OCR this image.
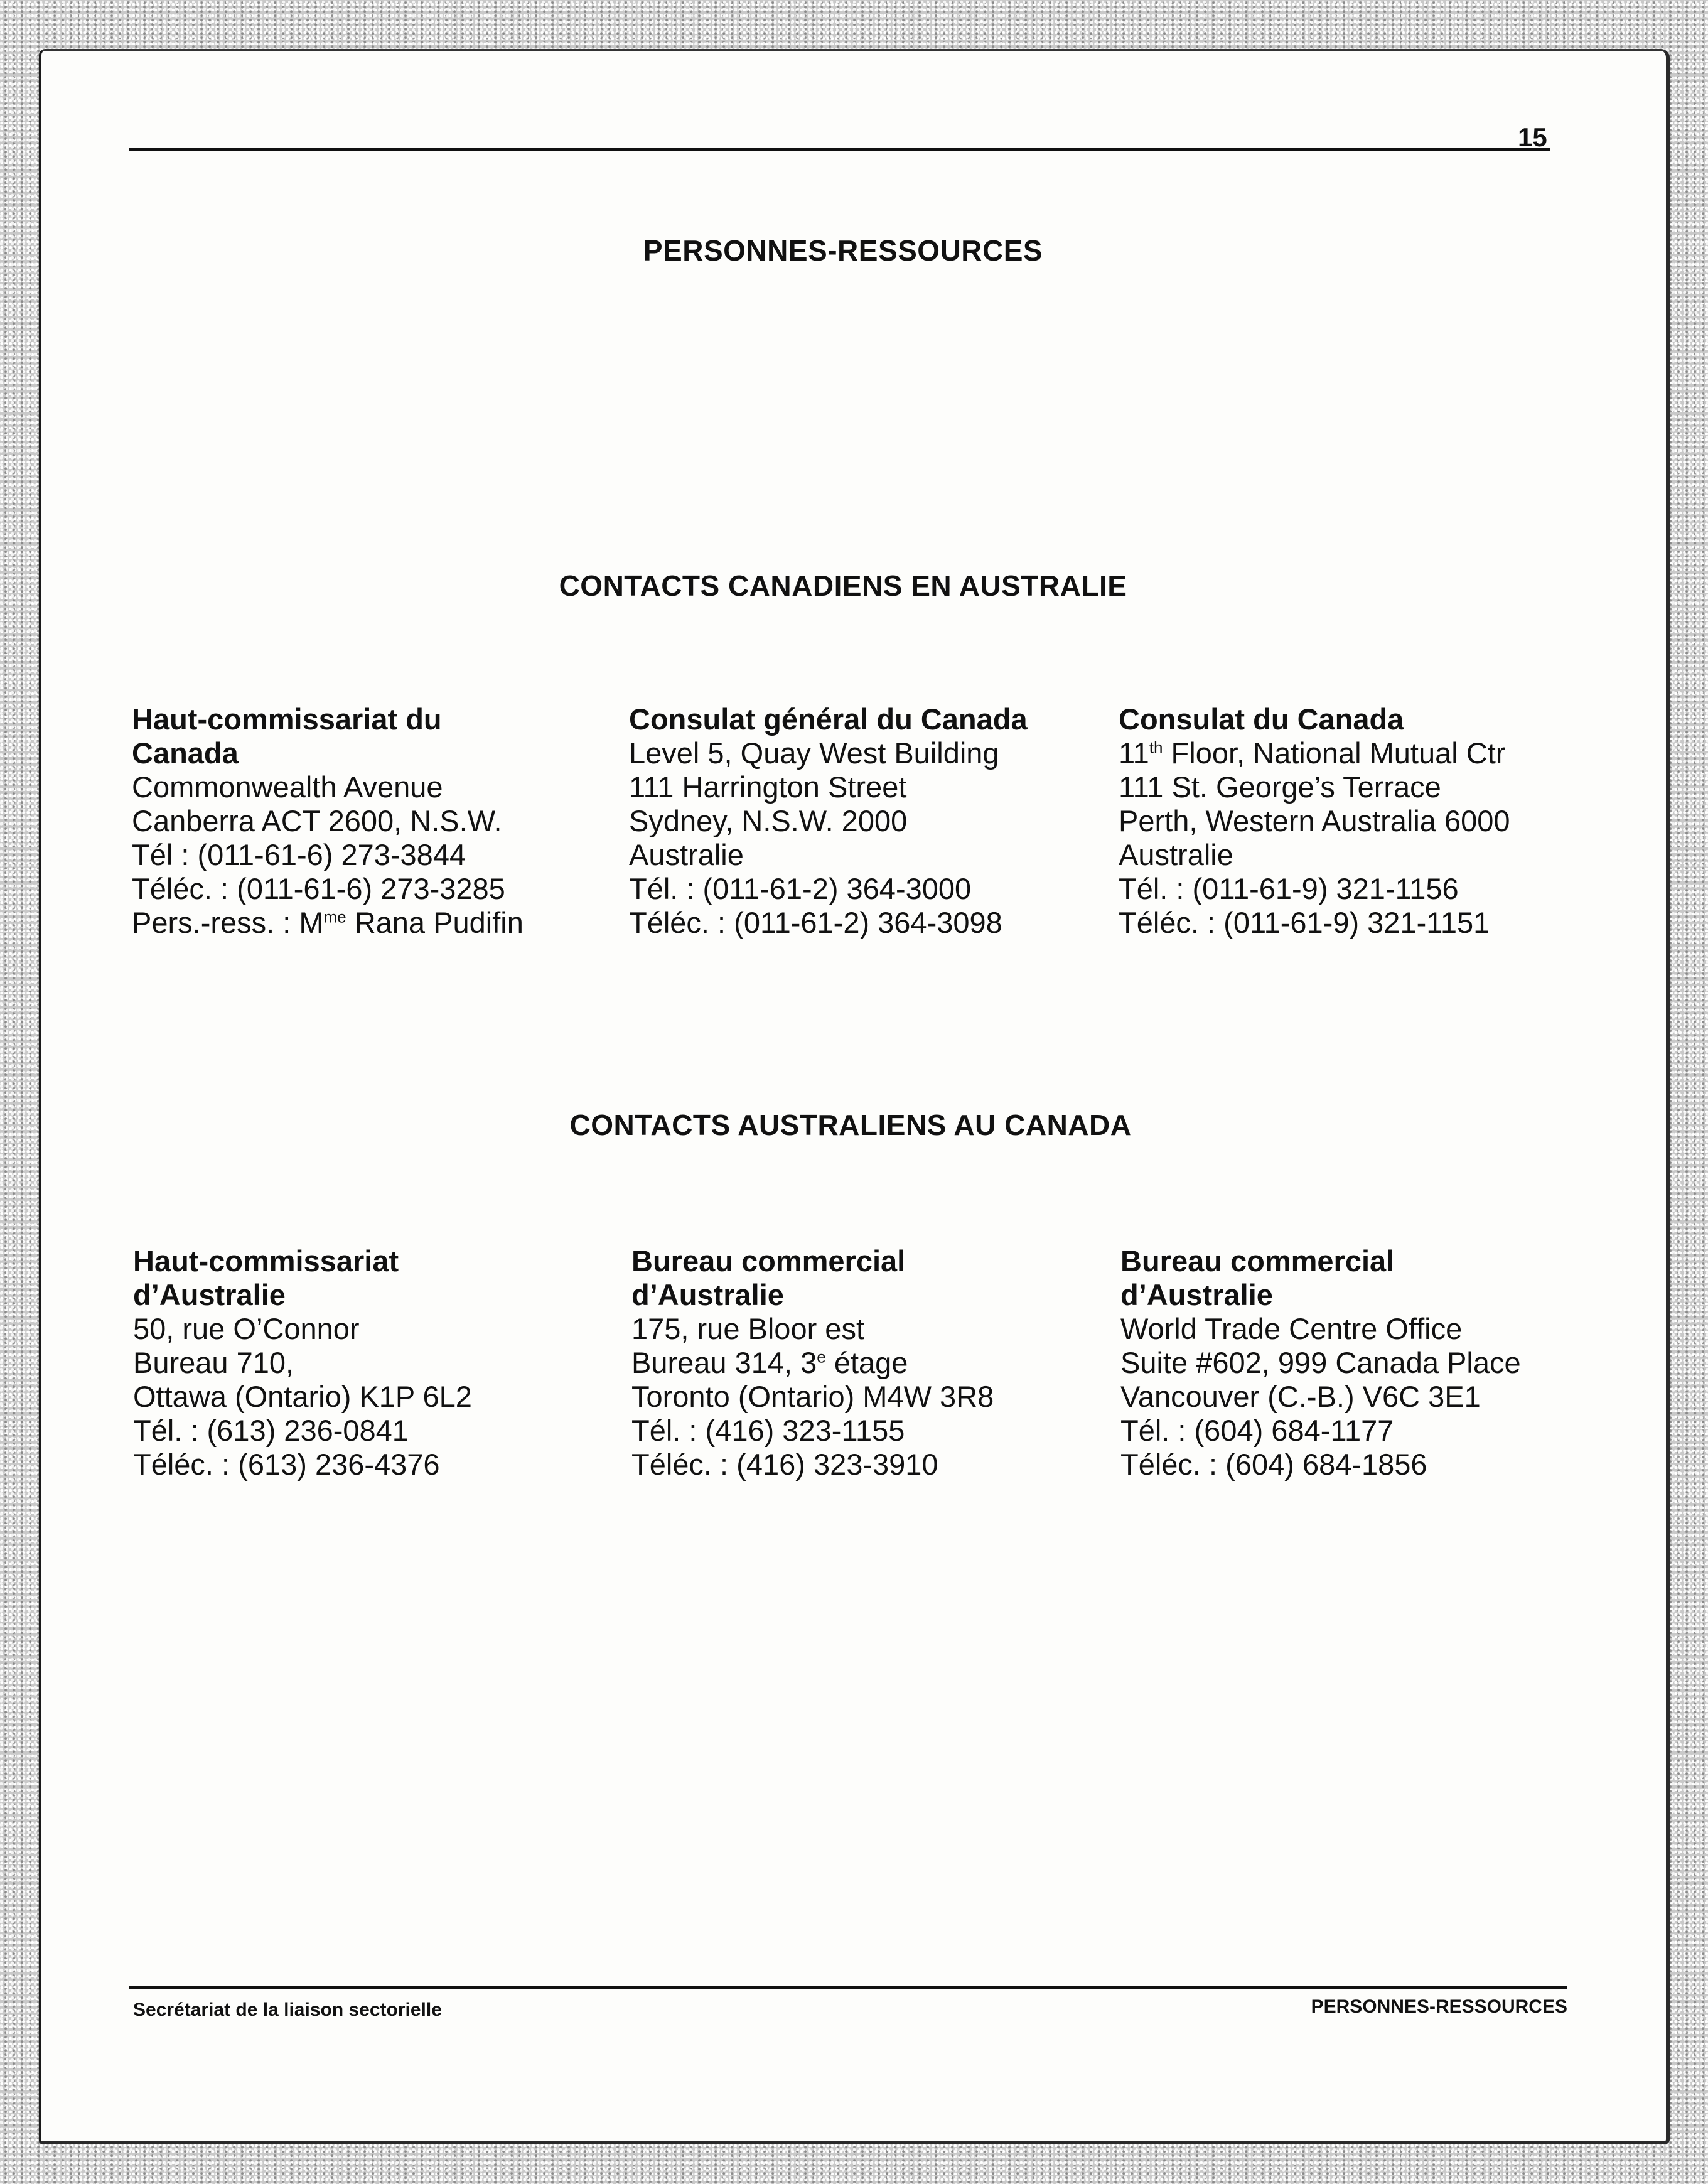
15
PERSONNES-RESSOURCES
CONTACTS CANADIENS EN AUSTRALIE
Haut-commissariat du
Canada
Commonwealth Avenue
Canberra ACT 2600, N.S.W.
Tél : (011-61-6) 273-3844
Téléc. : (011-61-6) 273-3285
Pers.-ress. : $M^{me}$ Rana Pudifin
Consulat général du Canada
Level 5, Quay West Building
111 Harrington Street
Sydney, N.S.W. 2000
Australie
Tél. : (011-61-2) 364-3000
Téléc. : (011-61-2) 364-3098
Consulat du Canada
11th Floor, National Mutual Ctr
111 St. George’s Terrace
Perth, Western Australia 6000
Australie
Tél. : (011-61-9) 321-1156
Téléc. : (011-61-9) 321-1151
CONTACTS AUSTRALIENS AU CANADA
Haut-commissariat
d’Australie
50, rue O’Connor
Bureau 710,
Ottawa (Ontario) K1P 6L2
Tél. : (613) 236-0841
Téléc. : (613) 236-4376
Bureau commercial
d’Australie
175, rue Bloor est
Bureau 314, 3e étage
Toronto (Ontario) M4W 3R8
Tél. : (416) 323-1155
Téléc. : (416) 323-3910
Bureau commercial
d’Australie
World Trade Centre Office
Suite #602, 999 Canada Place
Vancouver (C.-B.) V6C 3E1
Tél. : (604) 684-1177
Téléc. : (604) 684-1856
Secrétariat de la liaison sectorielle	PERSONNES-RESSOURCES
